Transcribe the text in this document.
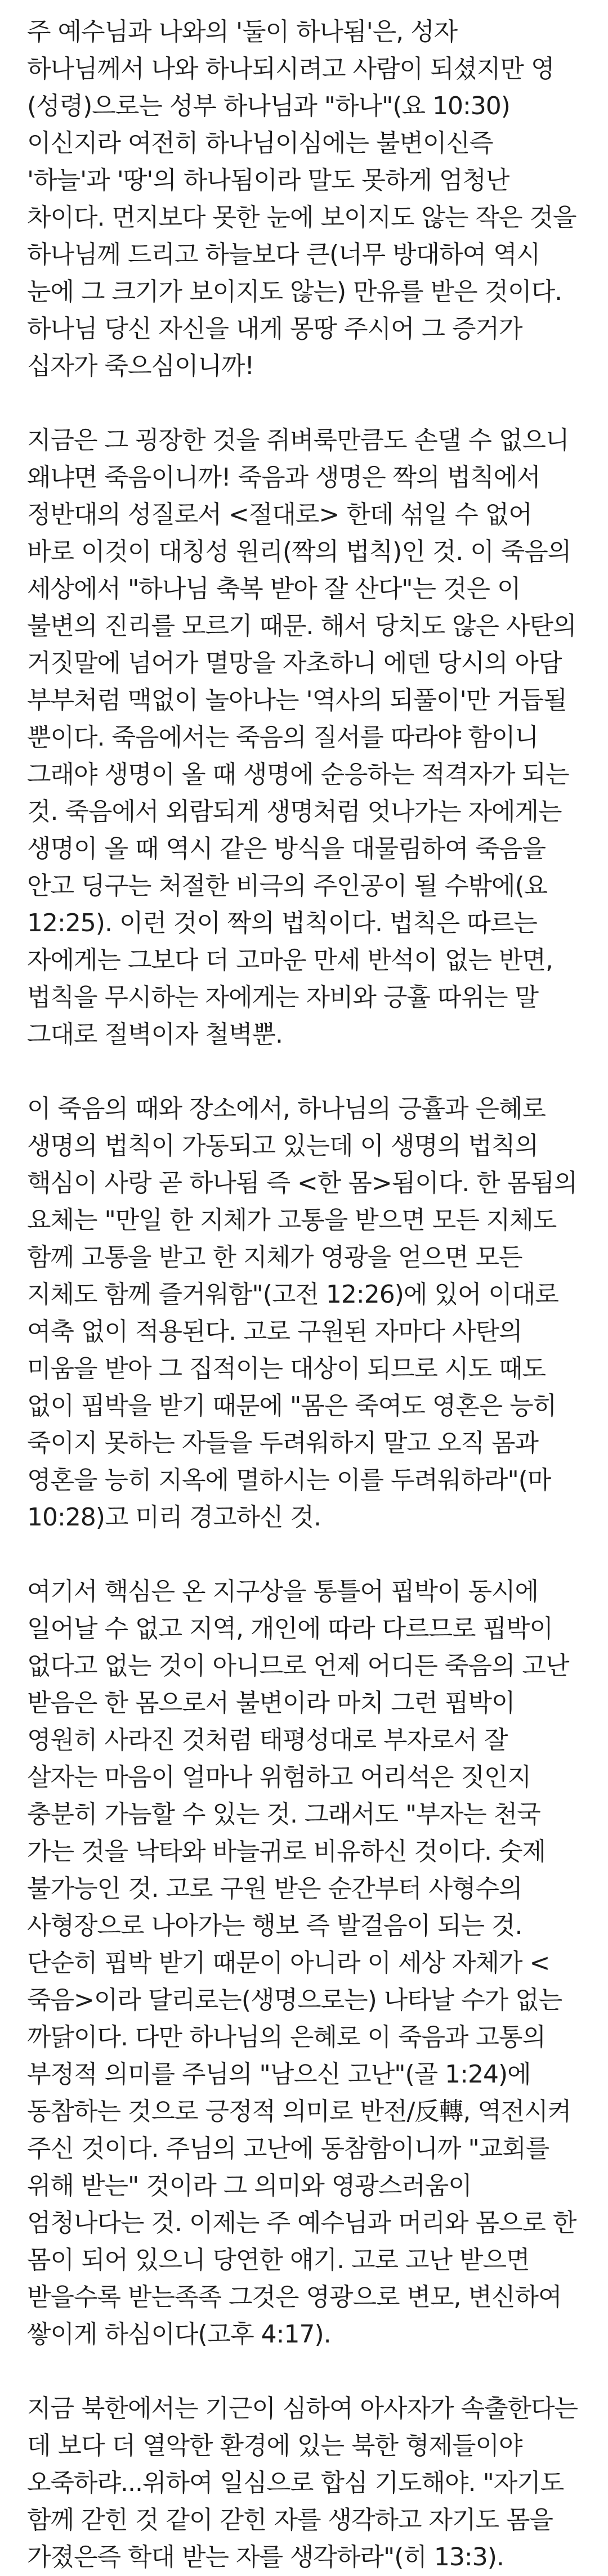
주 예수님과 나와의 '둘이 하나됨'은, 성자 하나님께서 나와 하나되시려고 사람이 되셨지만 영(성령)으로는 성부 하나님과 "하나"(요 10:30)이신지라 여전히 하나님이심에는 불변이신즉 '하늘'과 '땅'의 하나됨이라 말도 못하게 엄청난 차이다. 먼지보다 못한 눈에 보이지도 않는 작은 것을 하나님께 드리고 하늘보다 큰(너무 방대하여 역시 눈에 그 크기가 보이지도 않는) 만유를 받은 것이다. 하나님 당신 자신을 내게 몽땅 주시어 그 증거가 십자가 죽으심이니까!

지금은 그 굉장한 것을 쥐벼룩만큼도 손댈 수 없으니 왜냐면 죽음이니까! 죽음과 생명은 짝의 법칙에서 정반대의 성질로서 <절대로> 한데 섞일 수 없어 바로 이것이 대칭성 원리(짝의 법칙)인 것. 이 죽음의 세상에서 "하나님 축복 받아 잘 산다"는 것은 이 불변의 진리를 모르기 때문. 해서 당치도 않은 사탄의 거짓말에 넘어가 멸망을 자초하니 에덴 당시의 아담 부부처럼 맥없이 놀아나는 '역사의 되풀이'만 거듭될 뿐이다. 죽음에서는 죽음의 질서를 따라야 함이니 그래야 생명이 올 때 생명에 순응하는 적격자가 되는 것. 죽음에서 외람되게 생명처럼 엇나가는 자에게는 생명이 올 때 역시 같은 방식을 대물림하여 죽음을 안고 딩구는 처절한 비극의 주인공이 될 수밖에(요 12:25). 이런 것이 짝의 법칙이다. 법칙은 따르는 자에게는 그보다 더 고마운 만세 반석이 없는 반면, 법칙을 무시하는 자에게는 자비와 긍휼 따위는 말 그대로 절벽이자 철벽뿐.

이 죽음의 때와 장소에서, 하나님의 긍휼과 은혜로 생명의 법칙이 가동되고 있는데 이 생명의 법칙의 핵심이 사랑 곧 하나됨 즉 <한 몸>됨이다. 한 몸됨의 요체는 "만일 한 지체가 고통을 받으면 모든 지체도 함께 고통을 받고 한 지체가 영광을 얻으면 모든 지체도 함께 즐거워함"(고전 12:26)에 있어 이대로 여축 없이 적용된다. 고로 구원된 자마다 사탄의 미움을 받아 그 집적이는 대상이 되므로 시도 때도 없이 핍박을 받기 때문에 "몸은 죽여도 영혼은 능히 죽이지 못하는 자들을 두려워하지 말고 오직 몸과 영혼을 능히 지옥에 멸하시는 이를 두려워하라"(마 10:28)고 미리 경고하신 것.

여기서 핵심은 온 지구상을 통틀어 핍박이 동시에 일어날 수 없고 지역, 개인에 따라 다르므로 핍박이 없다고 없는 것이 아니므로 언제 어디든 죽음의 고난 받음은 한 몸으로서 불변이라 마치 그런 핍박이 영원히 사라진 것처럼 태평성대로 부자로서 잘 살자는 마음이 얼마나 위험하고 어리석은 짓인지 충분히 가늠할 수 있는 것. 그래서도 "부자는 천국 가는 것을 낙타와 바늘귀로 비유하신 것이다. 숫제 불가능인 것. 고로 구원 받은 순간부터 사형수의 사형장으로 나아가는 행보 즉 발걸음이 되는 것. 단순히 핍박 받기 때문이 아니라 이 세상 자체가 <죽음>이라 달리로는(생명으로는) 나타날 수가 없는 까닭이다. 다만 하나님의 은혜로 이 죽음과 고통의 부정적 의미를 주님의 "남으신 고난"(골 1:24)에 동참하는 것으로 긍정적 의미로 반전/反轉, 역전시켜 주신 것이다. 주님의 고난에 동참함이니까 "교회를 위해 받는" 것이라 그 의미와 영광스러움이 엄청나다는 것. 이제는 주 예수님과 머리와 몸으로 한 몸이 되어 있으니 당연한 얘기. 고로 고난 받으면 받을수록 받는족족 그것은 영광으로 변모, 변신하여 쌓이게 하심이다(고후 4:17).

지금 북한에서는 기근이 심하여 아사자가 속출한다는 데 보다 더 열악한 환경에 있는 북한 형제들이야 오죽하랴...위하여 일심으로 합심 기도해야. "자기도 함께 갇힌 것 같이 갇힌 자를 생각하고 자기도 몸을 가졌은즉 학대 받는 자를 생각하라"(히 13:3).
